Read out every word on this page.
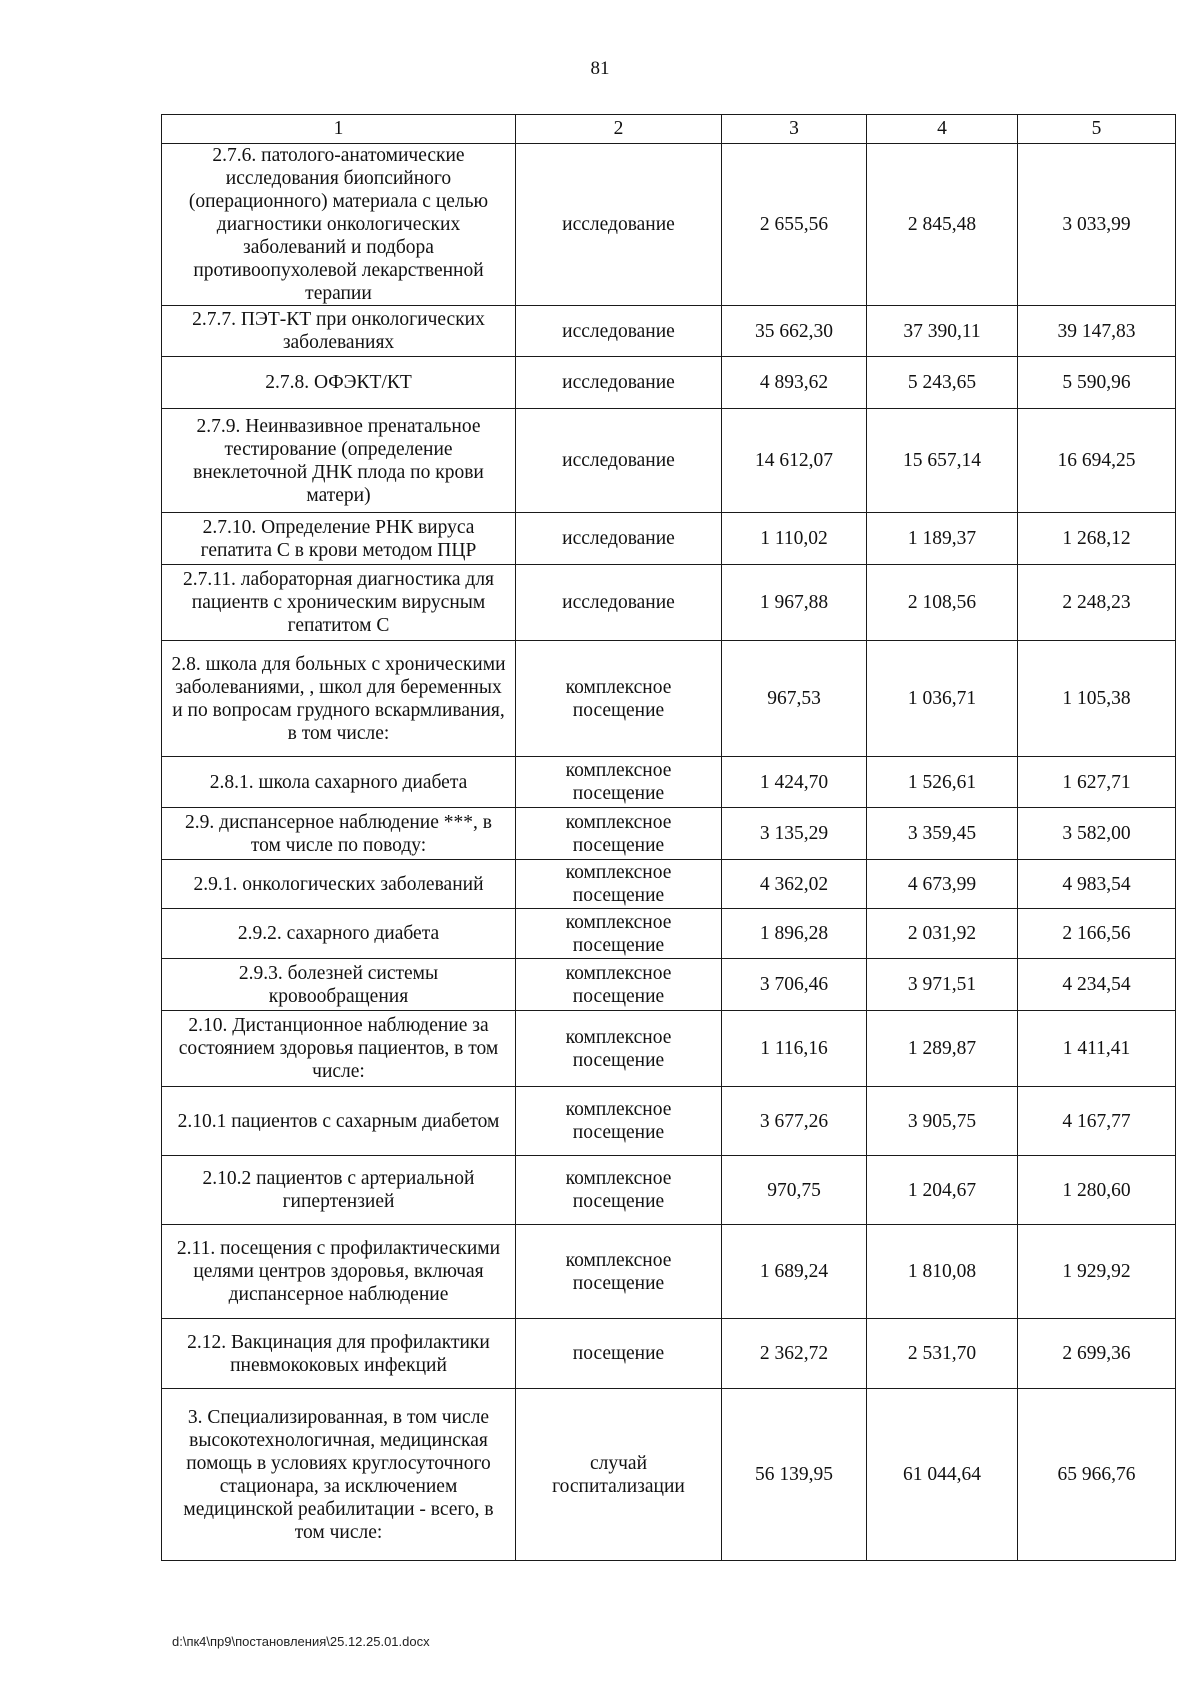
81
1	2	3	4	5
2.7.6. патолого-анатомические исследования биопсийного (операционного) материала с целью диагностики онкологических заболеваний и подбора противоопухолевой лекарственной терапии	исследование	2 655,56	2 845,48	3 033,99
2.7.7. ПЭТ-КТ при онкологических заболеваниях	исследование	35 662,30	37 390,11	39 147,83
2.7.8. ОФЭКТ/КТ	исследование	4 893,62	5 243,65	5 590,96
2.7.9. Неинвазивное пренатальное тестирование (определение внеклеточной ДНК плода по крови матери)	исследование	14 612,07	15 657,14	16 694,25
2.7.10. Определение РНК вируса гепатита С в крови методом ПЦР	исследование	1 110,02	1 189,37	1 268,12
2.7.11. лабораторная диагностика для пациентв с хроническим вирусным гепатитом С	исследование	1 967,88	2 108,56	2 248,23
2.8. школа для больных с хроническими заболеваниями, , школ для беременных и по вопросам грудного вскармливания, в том числе:	комплексное посещение	967,53	1 036,71	1 105,38
2.8.1. школа сахарного диабета	комплексное посещение	1 424,70	1 526,61	1 627,71
2.9. диспансерное наблюдение ***, в том числе по поводу:	комплексное посещение	3 135,29	3 359,45	3 582,00
2.9.1. онкологических заболеваний	комплексное посещение	4 362,02	4 673,99	4 983,54
2.9.2. сахарного диабета	комплексное посещение	1 896,28	2 031,92	2 166,56
2.9.3. болезней системы кровообращения	комплексное посещение	3 706,46	3 971,51	4 234,54
2.10. Дистанционное наблюдение за состоянием здоровья пациентов, в том числе:	комплексное посещение	1 116,16	1 289,87	1 411,41
2.10.1 пациентов с сахарным диабетом	комплексное посещение	3 677,26	3 905,75	4 167,77
2.10.2 пациентов с артериальной гипертензией	комплексное посещение	970,75	1 204,67	1 280,60
2.11. посещения с профилактическими целями центров здоровья, включая диспансерное наблюдение	комплексное посещение	1 689,24	1 810,08	1 929,92
2.12. Вакцинация для профилактики пневмококовых инфекций	посещение	2 362,72	2 531,70	2 699,36
3. Специализированная, в том числе высокотехнологичная, медицинская помощь в условиях круглосуточного стационара, за исключением медицинской реабилитации - всего, в том числе:	случай госпитализации	56 139,95	61 044,64	65 966,76
d:\пк4\пр9\постановления\25.12.25.01.docx
